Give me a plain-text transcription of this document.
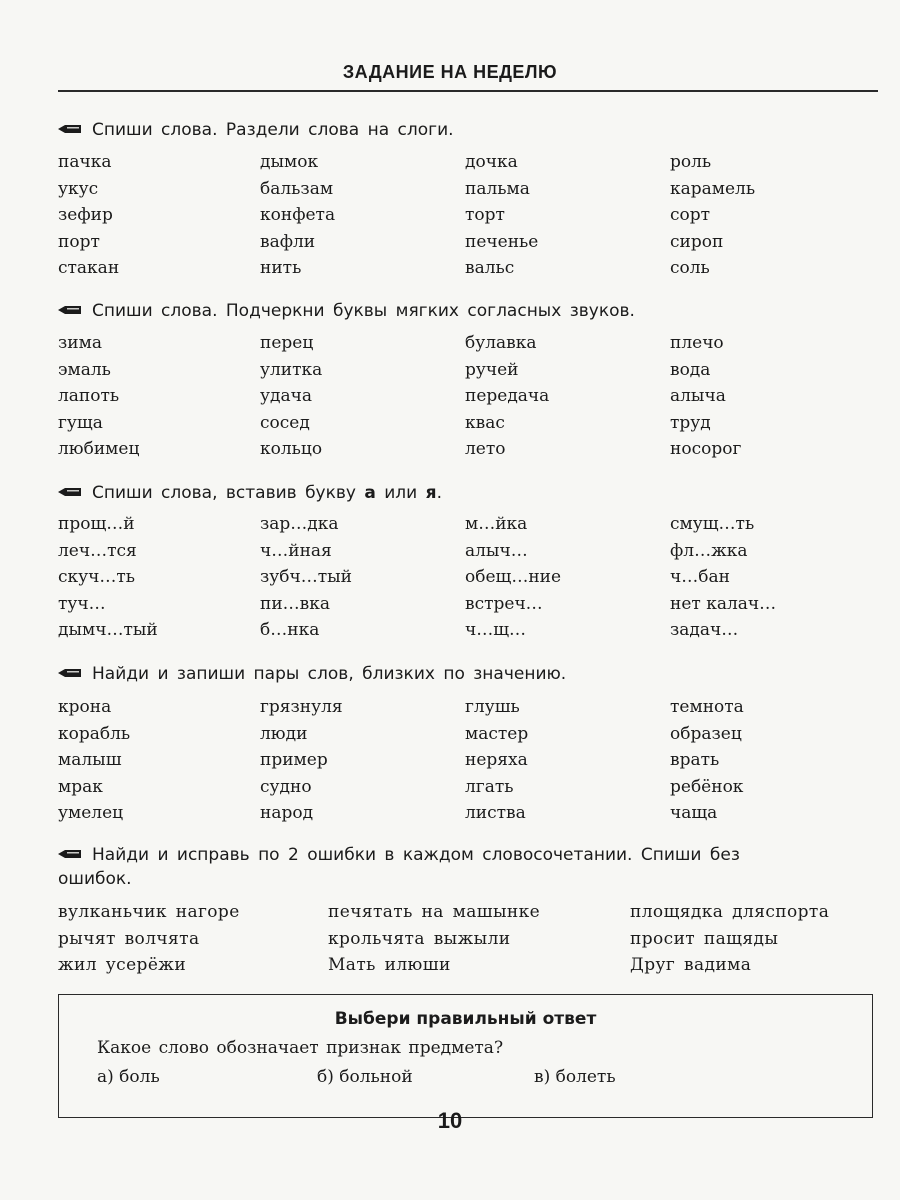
ЗАДАНИЕ НА НЕДЕЛЮ
Спиши слова. Раздели слова на слоги.
пачка	дымок	дочка	роль
укус	бальзам	пальма	карамель
зефир	конфета	торт	сорт
порт	вафли	печенье	сироп
стакан	нить	вальс	соль
Спиши слова. Подчеркни буквы мягких согласных звуков.
зима	перец	булавка	плечо
эмаль	улитка	ручей	вода
лапоть	удача	передача	алыча
гуща	сосед	квас	труд
любимец	кольцо	лето	носорог
Спиши слова, вставив букву а или я.
прощ…й	зар…дка	м…йка	смущ…ть
леч…тся	ч…йная	алыч…	фл…жка
скуч…ть	зубч…тый	обещ…ние	ч…бан
туч…	пи…вка	встреч…	нет калач…
дымч…тый	б…нка	ч…щ…	задач…
Найди и запиши пары слов, близких по значению.
крона	грязнуля	глушь	темнота
корабль	люди	мастер	образец
малыш	пример	неряха	врать
мрак	судно	лгать	ребёнок
умелец	народ	листва	чаща
Найди и исправь по 2 ошибки в каждом словосочетании. Спиши без
ошибок.
вулканьчик нагоре	печятать на машынке	площядка дляспорта
рычят волчята	крольчята выжыли	просит пащяды
жил усерёжи	Мать илюши	Друг вадима
Выбери правильный ответ
Какое слово обозначает признак предмета?
а) боль	б) больной	в) болеть
10
